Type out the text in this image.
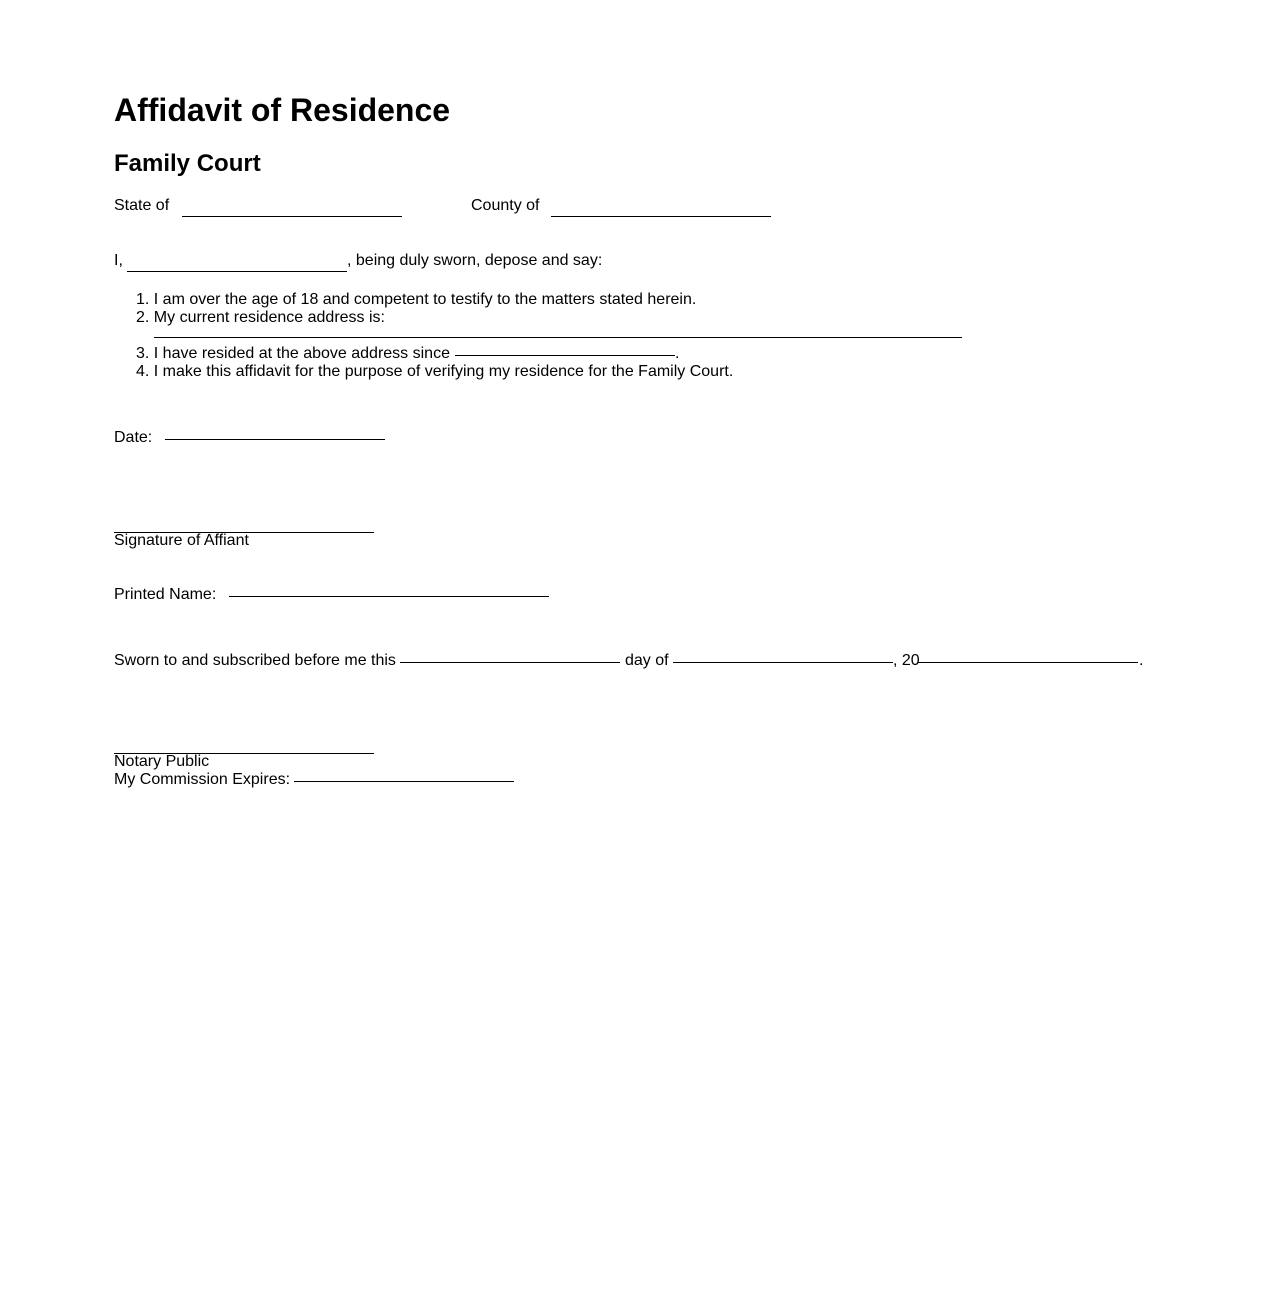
Affidavit of Residence
Family Court
State of	County of
I,	, being duly sworn, depose and say:
1. I am over the age of 18 and competent to testify to the matters stated herein.
2. My current residence address is:
3. I have resided at the above address since	.
4. I make this affidavit for the purpose of verifying my residence for the Family Court.
Date:
Signature of Affiant
Printed Name:
Sworn to and subscribed before me this	day of	, 20	.
Notary Public
My Commission Expires:
